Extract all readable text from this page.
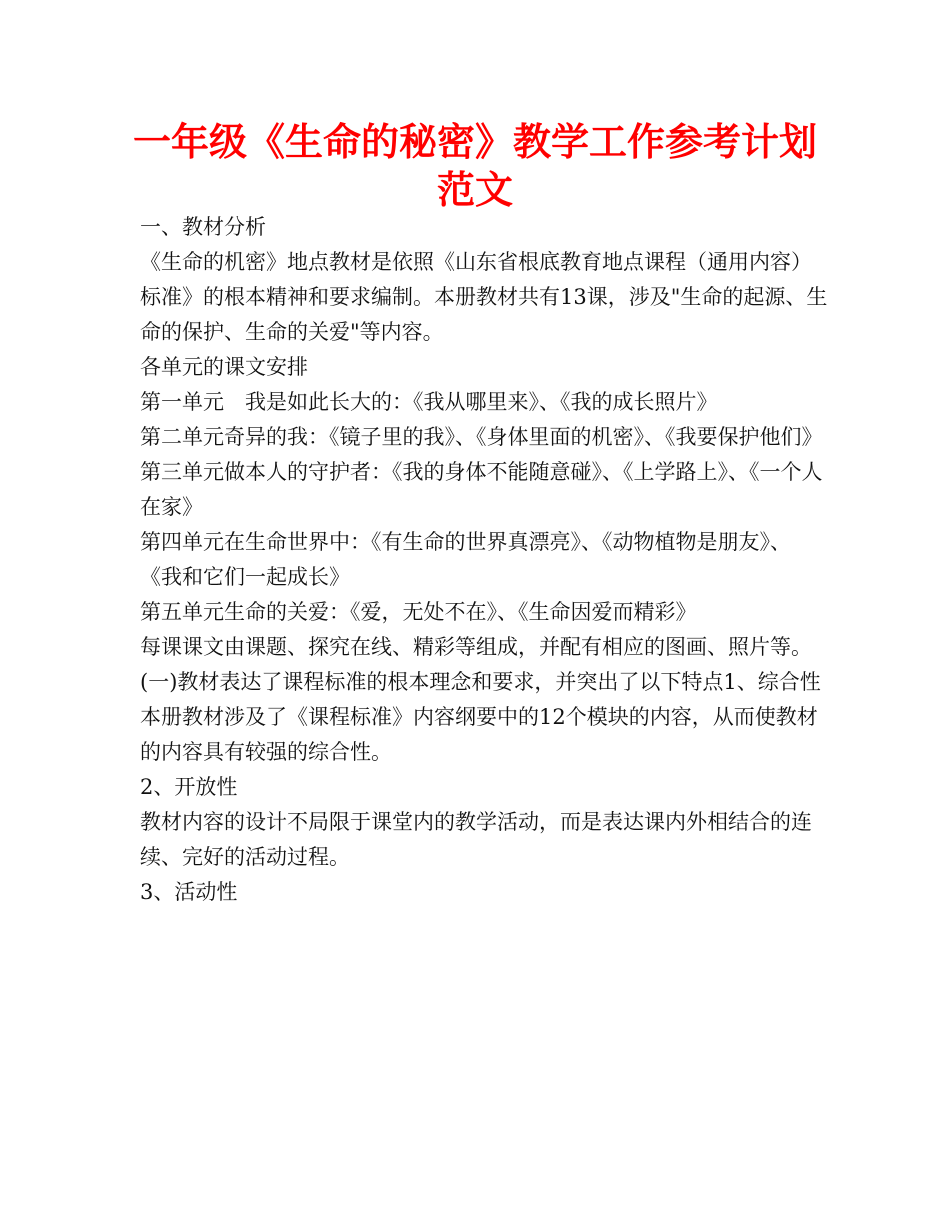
一年级《生命的秘密》教学工作参考计划范文

一、教材分析

《生命的机密》地点教材是依照《山东省根底教育地点课程（通用内容）标准》的根本精神和要求编制。本册教材共有13课，涉及"生命的起源、生命的保护、生命的关爱"等内容。

各单元的课文安排

第一单元　我是如此长大的：《我从哪里来》、《我的成长照片》

第二单元奇异的我：《镜子里的我》、《身体里面的机密》、《我要保护他们》

第三单元做本人的守护者：《我的身体不能随意碰》、《上学路上》、《一个人在家》

第四单元在生命世界中：《有生命的世界真漂亮》、《动物植物是朋友》、

《我和它们一起成长》

第五单元生命的关爱：《爱，无处不在》、《生命因爱而精彩》

每课课文由课题、探究在线、精彩等组成，并配有相应的图画、照片等。

(一)教材表达了课程标准的根本理念和要求，并突出了以下特点1、综合性

本册教材涉及了《课程标准》内容纲要中的12个模块的内容，从而使教材的内容具有较强的综合性。

2、开放性

教材内容的设计不局限于课堂内的教学活动，而是表达课内外相结合的连续、完好的活动过程。

3、活动性
